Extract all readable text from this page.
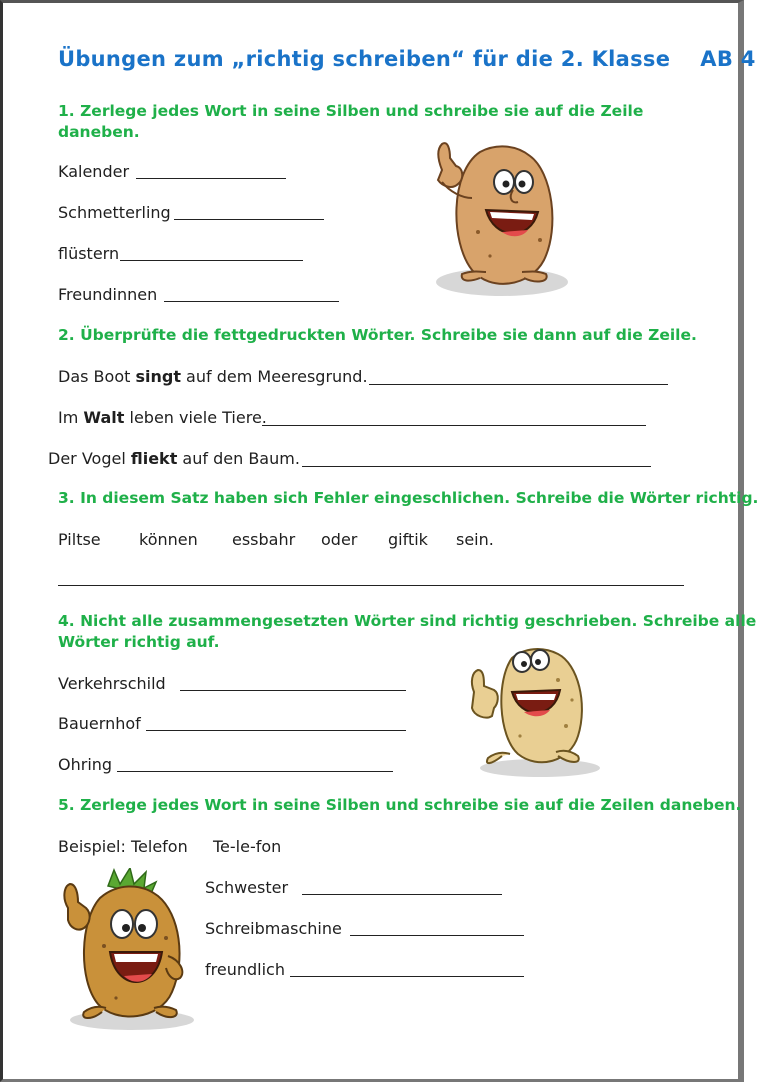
Übungen zum „richtig schreiben“ für die 2. Klasse AB 4
1. Zerlege jedes Wort in seine Silben und schreibe sie auf die Zeile
daneben.
Kalender
Schmetterling
flüstern
Freundinnen
2. Überprüfte die fettgedruckten Wörter. Schreibe sie dann auf die Zeile.
Das Boot singt auf dem Meeresgrund.
Im Walt leben viele Tiere.
Der Vogel fliekt auf den Baum.
3. In diesem Satz haben sich Fehler eingeschlichen. Schreibe die Wörter richtig.
Piltse können essbahr oder giftik sein.
4. Nicht alle zusammengesetzten Wörter sind richtig geschrieben. Schreibe alle
Wörter richtig auf.
Verkehrschild
Bauernhof
Ohring
5. Zerlege jedes Wort in seine Silben und schreibe sie auf die Zeilen daneben.
Beispiel: Telefon Te-le-fon
Schwester
Schreibmaschine
freundlich
